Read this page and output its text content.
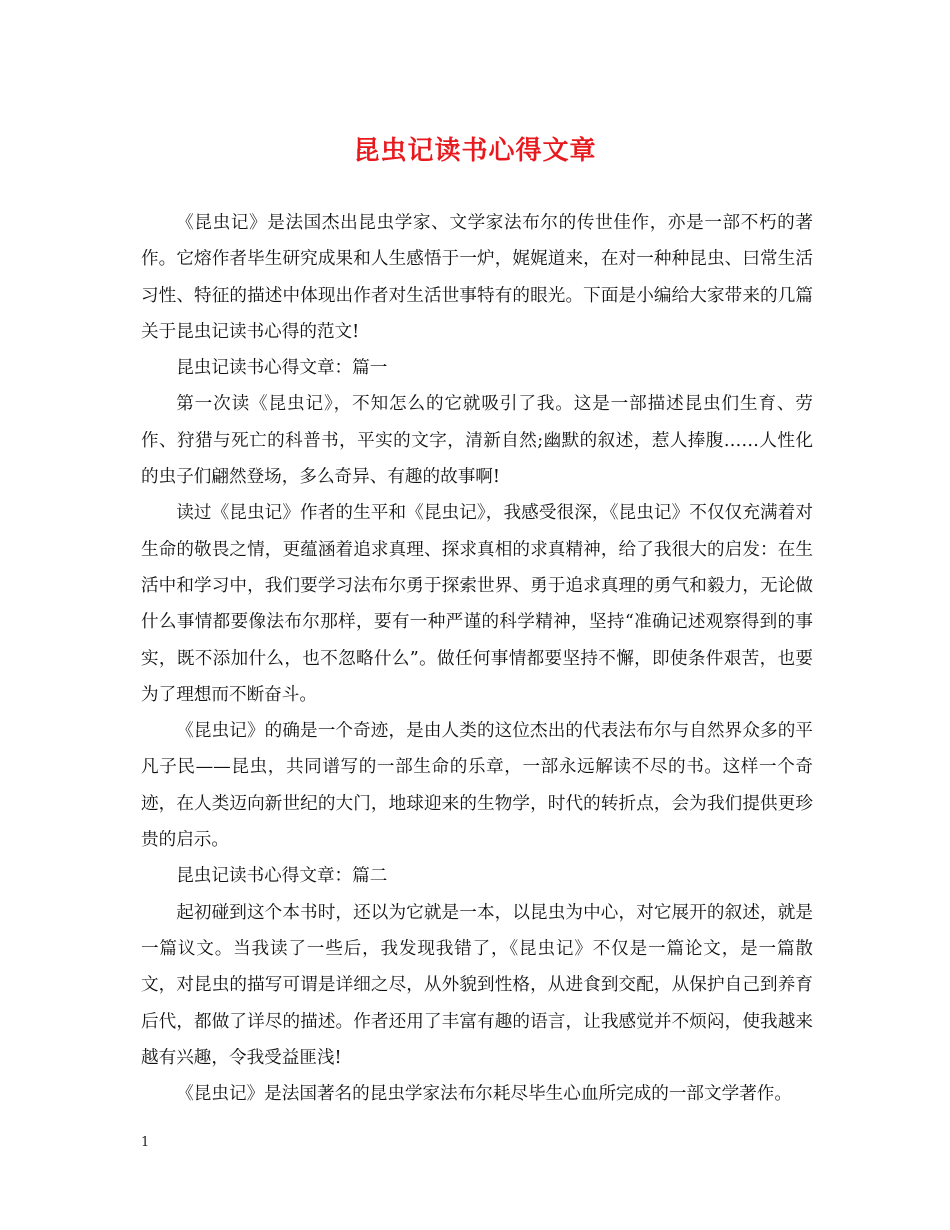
昆虫记读书心得文章

《昆虫记》是法国杰出昆虫学家、文学家法布尔的传世佳作，亦是一部不朽的著作。它熔作者毕生研究成果和人生感悟于一炉，娓娓道来，在对一种种昆虫、曰常生活习性、特征的描述中体现出作者对生活世事特有的眼光。下面是小编给大家带来的几篇关于昆虫记读书心得的范文!

昆虫记读书心得文章：篇一

第一次读《昆虫记》，不知怎么的它就吸引了我。这是一部描述昆虫们生育、劳作、狩猎与死亡的科普书，平实的文字，清新自然;幽默的叙述，惹人捧腹……人性化的虫子们翩然登场，多么奇异、有趣的故事啊!

读过《昆虫记》作者的生平和《昆虫记》，我感受很深，《昆虫记》不仅仅充满着对生命的敬畏之情，更蕴涵着追求真理、探求真相的求真精神，给了我很大的启发：在生活中和学习中，我们要学习法布尔勇于探索世界、勇于追求真理的勇气和毅力，无论做什么事情都要像法布尔那样，要有一种严谨的科学精神，坚持“准确记述观察得到的事实，既不添加什么，也不忽略什么”。做任何事情都要坚持不懈，即使条件艰苦，也要为了理想而不断奋斗。

《昆虫记》的确是一个奇迹，是由人类的这位杰出的代表法布尔与自然界众多的平凡子民——昆虫，共同谱写的一部生命的乐章，一部永远解读不尽的书。这样一个奇迹，在人类迈向新世纪的大门，地球迎来的生物学，时代的转折点，会为我们提供更珍贵的启示。

昆虫记读书心得文章：篇二

起初碰到这个本书时，还以为它就是一本，以昆虫为中心，对它展开的叙述，就是一篇议文。当我读了一些后，我发现我错了，《昆虫记》不仅是一篇论文，是一篇散文，对昆虫的描写可谓是详细之尽，从外貌到性格，从进食到交配，从保护自己到养育后代，都做了详尽的描述。作者还用了丰富有趣的语言，让我感觉并不烦闷，使我越来越有兴趣，令我受益匪浅!

《昆虫记》是法国著名的昆虫学家法布尔耗尽毕生心血所完成的一部文学著作。

1
